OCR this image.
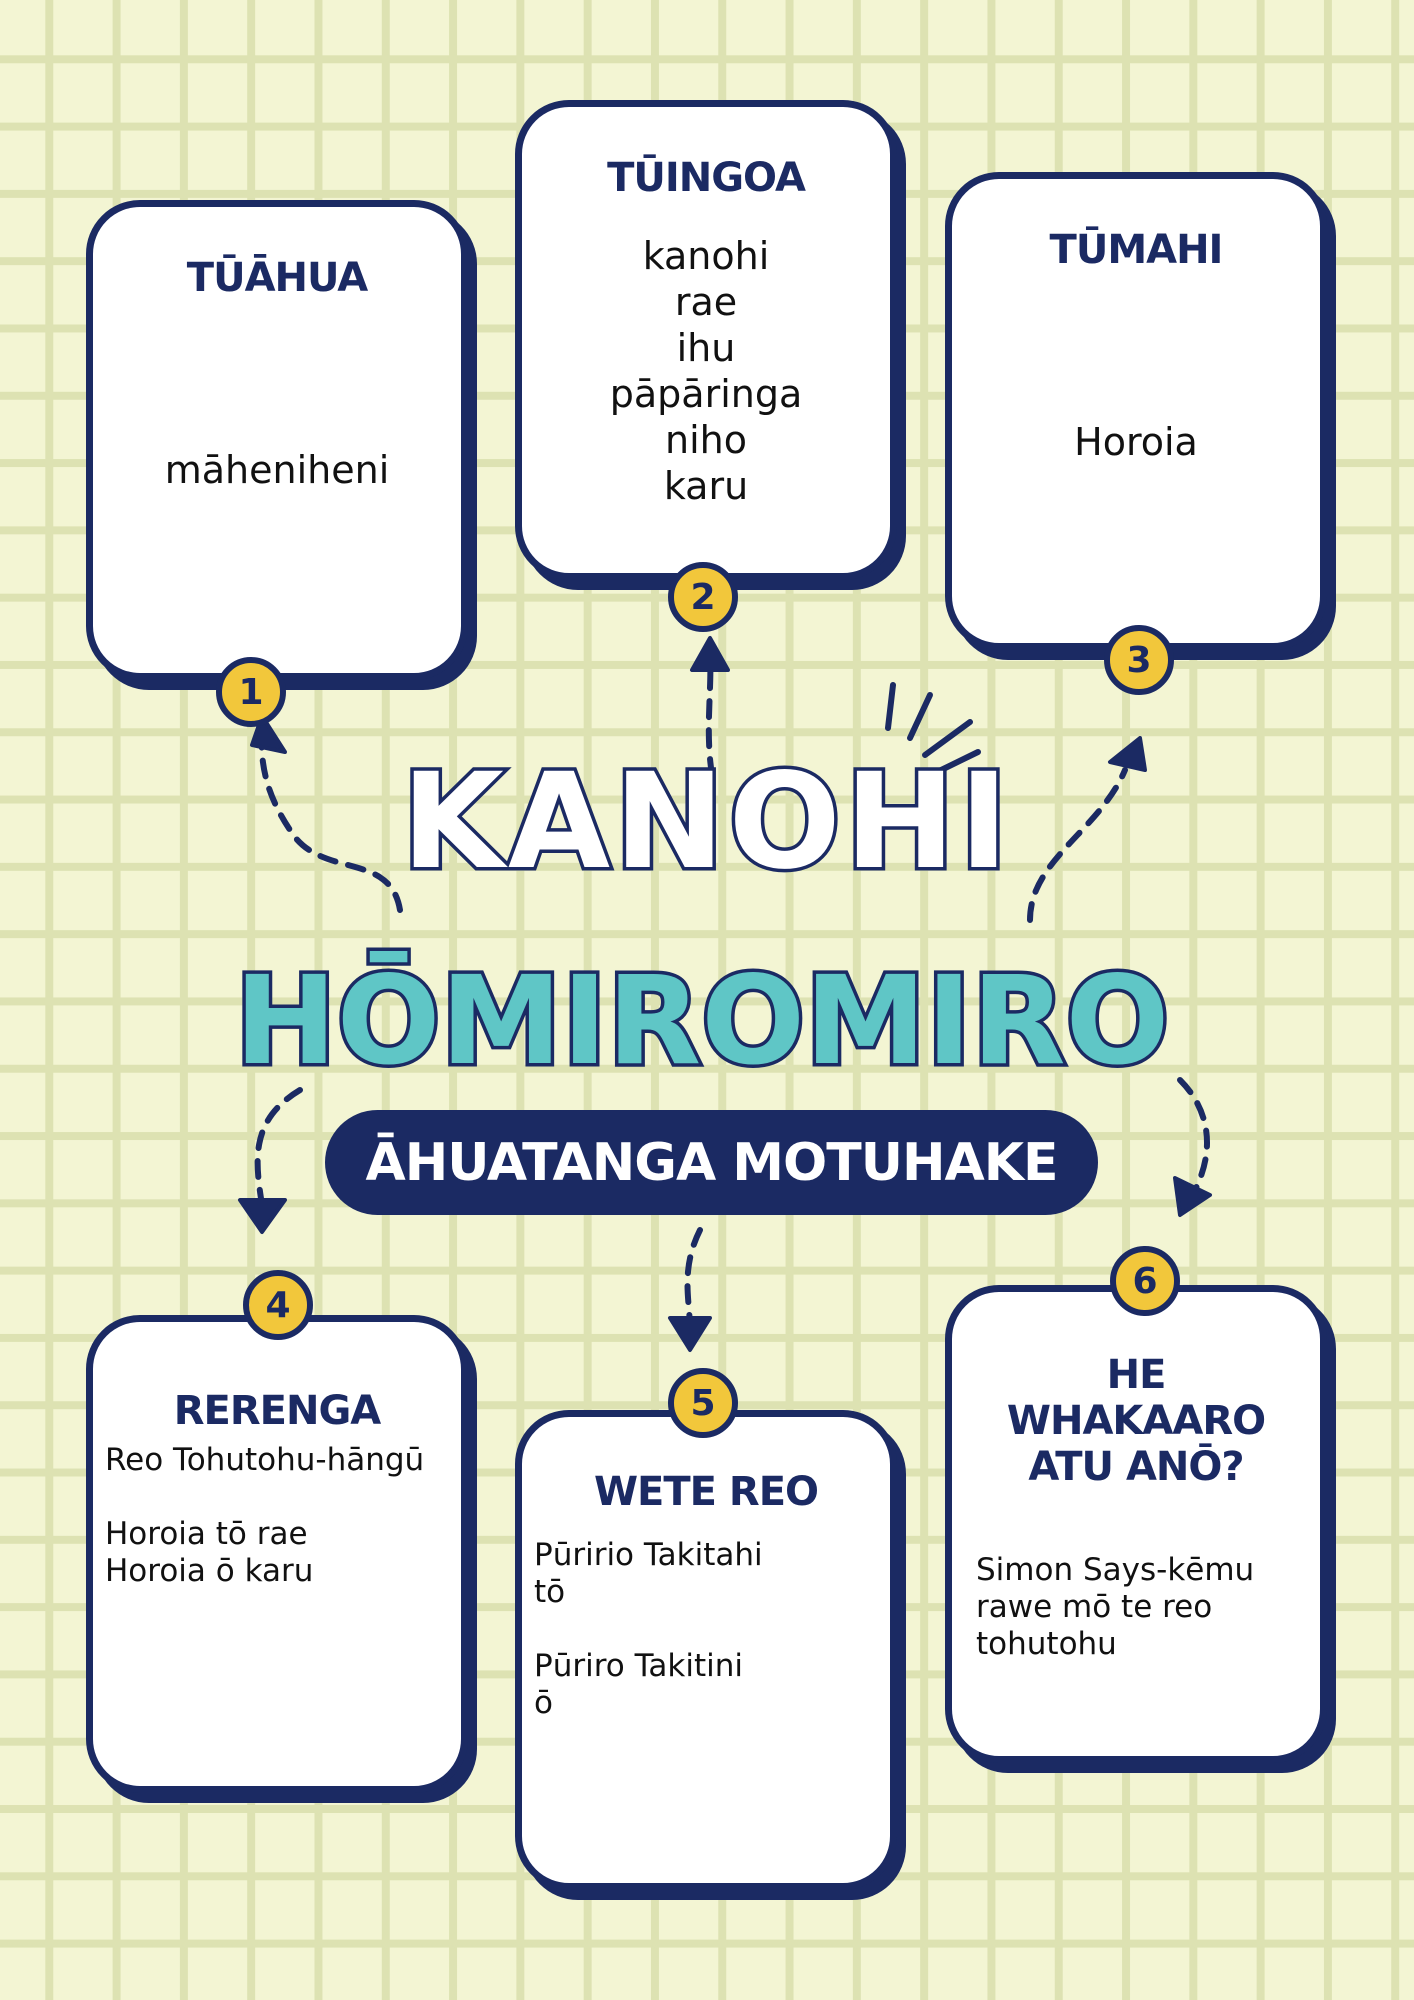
TŪĀHUA
māheniheni
1
TŪINGOA
kanohi
rae
ihu
pāpāringa
niho
karu
2
TŪMAHI
Horoia
3
KANOHI
HŌMIROMIRO
ĀHUATANGA MOTUHAKE
RERENGA
Reo Tohutohu-hāngū
Horoia tō rae
Horoia ō karu
4
WETE REO
Pūririo Takitahi
tō
Pūriro Takitini
ō
5
HE
WHAKAARO
ATU ANŌ?
Simon Says-kēmu
rawe mō te reo
tohutohu
6
